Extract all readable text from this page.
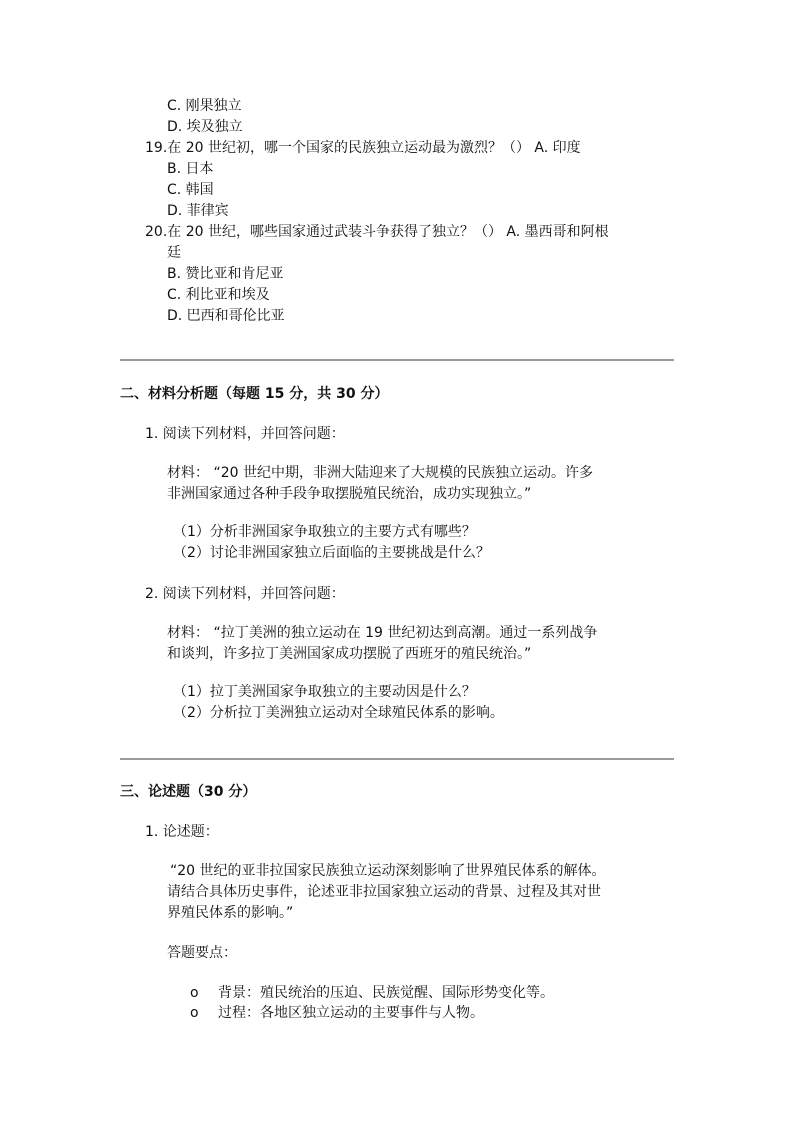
C. 刚果独立
D. 埃及独立
19.在 20 世纪初，哪一个国家的民族独立运动最为激烈？（） A. 印度
B. 日本
C. 韩国
D. 菲律宾
20.在 20 世纪，哪些国家通过武装斗争获得了独立？（） A. 墨西哥和阿根
廷
B. 赞比亚和肯尼亚
C. 利比亚和埃及
D. 巴西和哥伦比亚
二、材料分析题（每题 15 分，共 30 分）
1. 阅读下列材料，并回答问题：
材料： “20 世纪中期，非洲大陆迎来了大规模的民族独立运动。许多
非洲国家通过各种手段争取摆脱殖民统治，成功实现独立。”
（1）分析非洲国家争取独立的主要方式有哪些？
（2）讨论非洲国家独立后面临的主要挑战是什么？
2. 阅读下列材料，并回答问题：
材料： “拉丁美洲的独立运动在 19 世纪初达到高潮。通过一系列战争
和谈判，许多拉丁美洲国家成功摆脱了西班牙的殖民统治。”
（1）拉丁美洲国家争取独立的主要动因是什么？
（2）分析拉丁美洲独立运动对全球殖民体系的影响。
三、论述题（30 分）
1. 论述题：
“20 世纪的亚非拉国家民族独立运动深刻影响了世界殖民体系的解体。
请结合具体历史事件，论述亚非拉国家独立运动的背景、过程及其对世
界殖民体系的影响。”
答题要点：
o 背景：殖民统治的压迫、民族觉醒、国际形势变化等。
o 过程：各地区独立运动的主要事件与人物。
